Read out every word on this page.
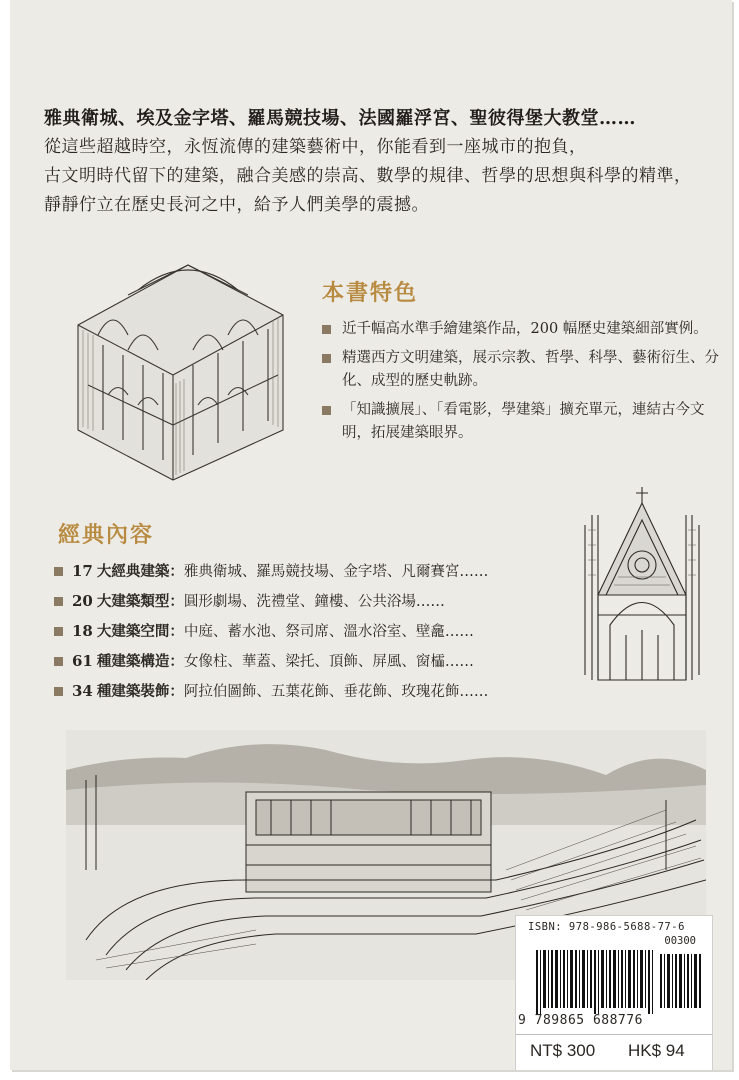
雅典衛城、埃及金字塔、羅馬競技場、法國羅浮宮、聖彼得堡大教堂……

從這些超越時空，永恆流傳的建築藝術中，你能看到一座城市的抱負，

古文明時代留下的建築，融合美感的崇高、數學的規律、哲學的思想與科學的精準，

靜靜佇立在歷史長河之中，給予人們美學的震撼。

本書特色
近千幅高水準手繪建築作品，200 幅歷史建築細部實例。
精選西方文明建築，展示宗教、哲學、科學、藝術衍生、分化、成型的歷史軌跡。
「知識擴展」、「看電影，學建築」擴充單元，連結古今文明，拓展建築眼界。
經典內容
17 大經典建築：雅典衛城、羅馬競技場、金字塔、凡爾賽宮……
20 大建築類型：圓形劇場、洗禮堂、鐘樓、公共浴場……
18 大建築空間：中庭、蓄水池、祭司席、溫水浴室、壁龕……
61 種建築構造：女像柱、華蓋、梁托、頂飾、屏風、窗櫺……
34 種建築裝飾：阿拉伯圖飾、五葉花飾、垂花飾、玫瑰花飾……
ISBN: 978-986-5688-77-6
00300
9 789865 688776
NT$ 300 HK$ 94
